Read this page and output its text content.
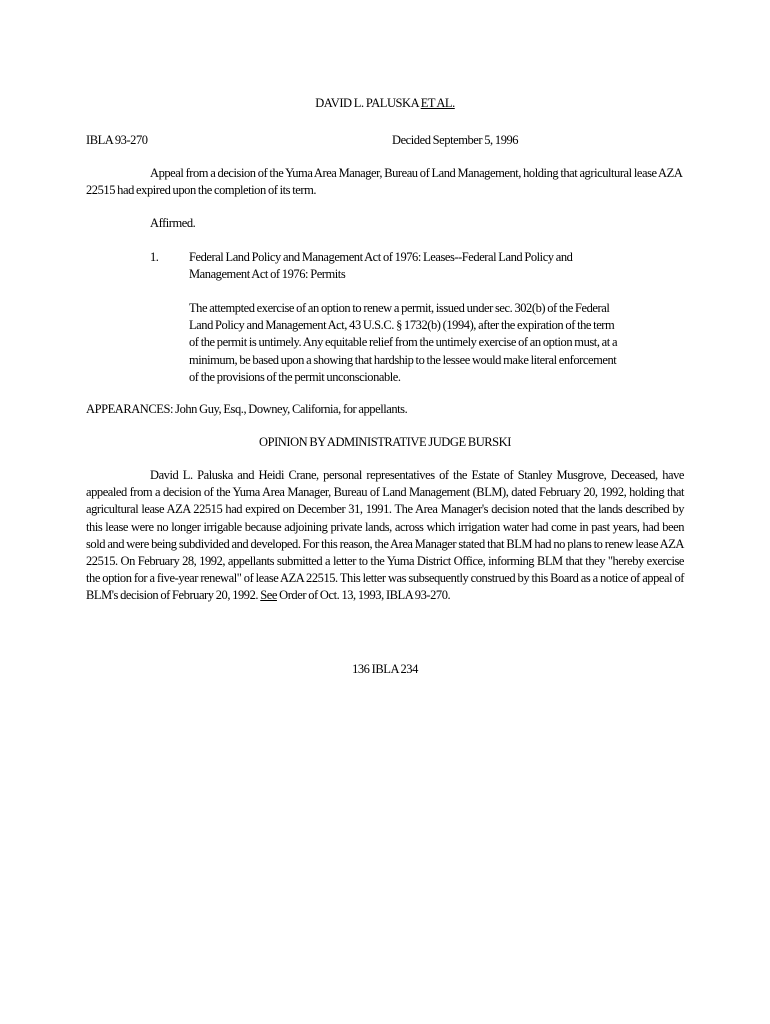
DAVID L. PALUSKA ET AL.
IBLA 93-270	Decided September 5, 1996
Appeal from a decision of the Yuma Area Manager, Bureau of Land Management, holding that agricultural lease AZA 22515 had expired upon the completion of its term.
Affirmed.
1. Federal Land Policy and Management Act of 1976: Leases--Federal Land Policy and Management Act of 1976: Permits
The attempted exercise of an option to renew a permit, issued under sec. 302(b) of the Federal Land Policy and Management Act, 43 U.S.C. § 1732(b) (1994), after the expiration of the term of the permit is untimely. Any equitable relief from the untimely exercise of an option must, at a minimum, be based upon a showing that hardship to the lessee would make literal enforcement of the provisions of the permit unconscionable.
APPEARANCES: John Guy, Esq., Downey, California, for appellants.
OPINION BY ADMINISTRATIVE JUDGE BURSKI
David L. Paluska and Heidi Crane, personal representatives of the Estate of Stanley Musgrove, Deceased, have appealed from a decision of the Yuma Area Manager, Bureau of Land Management (BLM), dated February 20, 1992, holding that agricultural lease AZA 22515 had expired on December 31, 1991. The Area Manager's decision noted that the lands described by this lease were no longer irrigable because adjoining private lands, across which irrigation water had come in past years, had been sold and were being subdivided and developed. For this reason, the Area Manager stated that BLM had no plans to renew lease AZA 22515. On February 28, 1992, appellants submitted a letter to the Yuma District Office, informing BLM that they "hereby exercise the option for a five-year renewal" of lease AZA 22515. This letter was subsequently construed by this Board as a notice of appeal of BLM's decision of February 20, 1992. See Order of Oct. 13, 1993, IBLA 93-270.
136 IBLA 234
